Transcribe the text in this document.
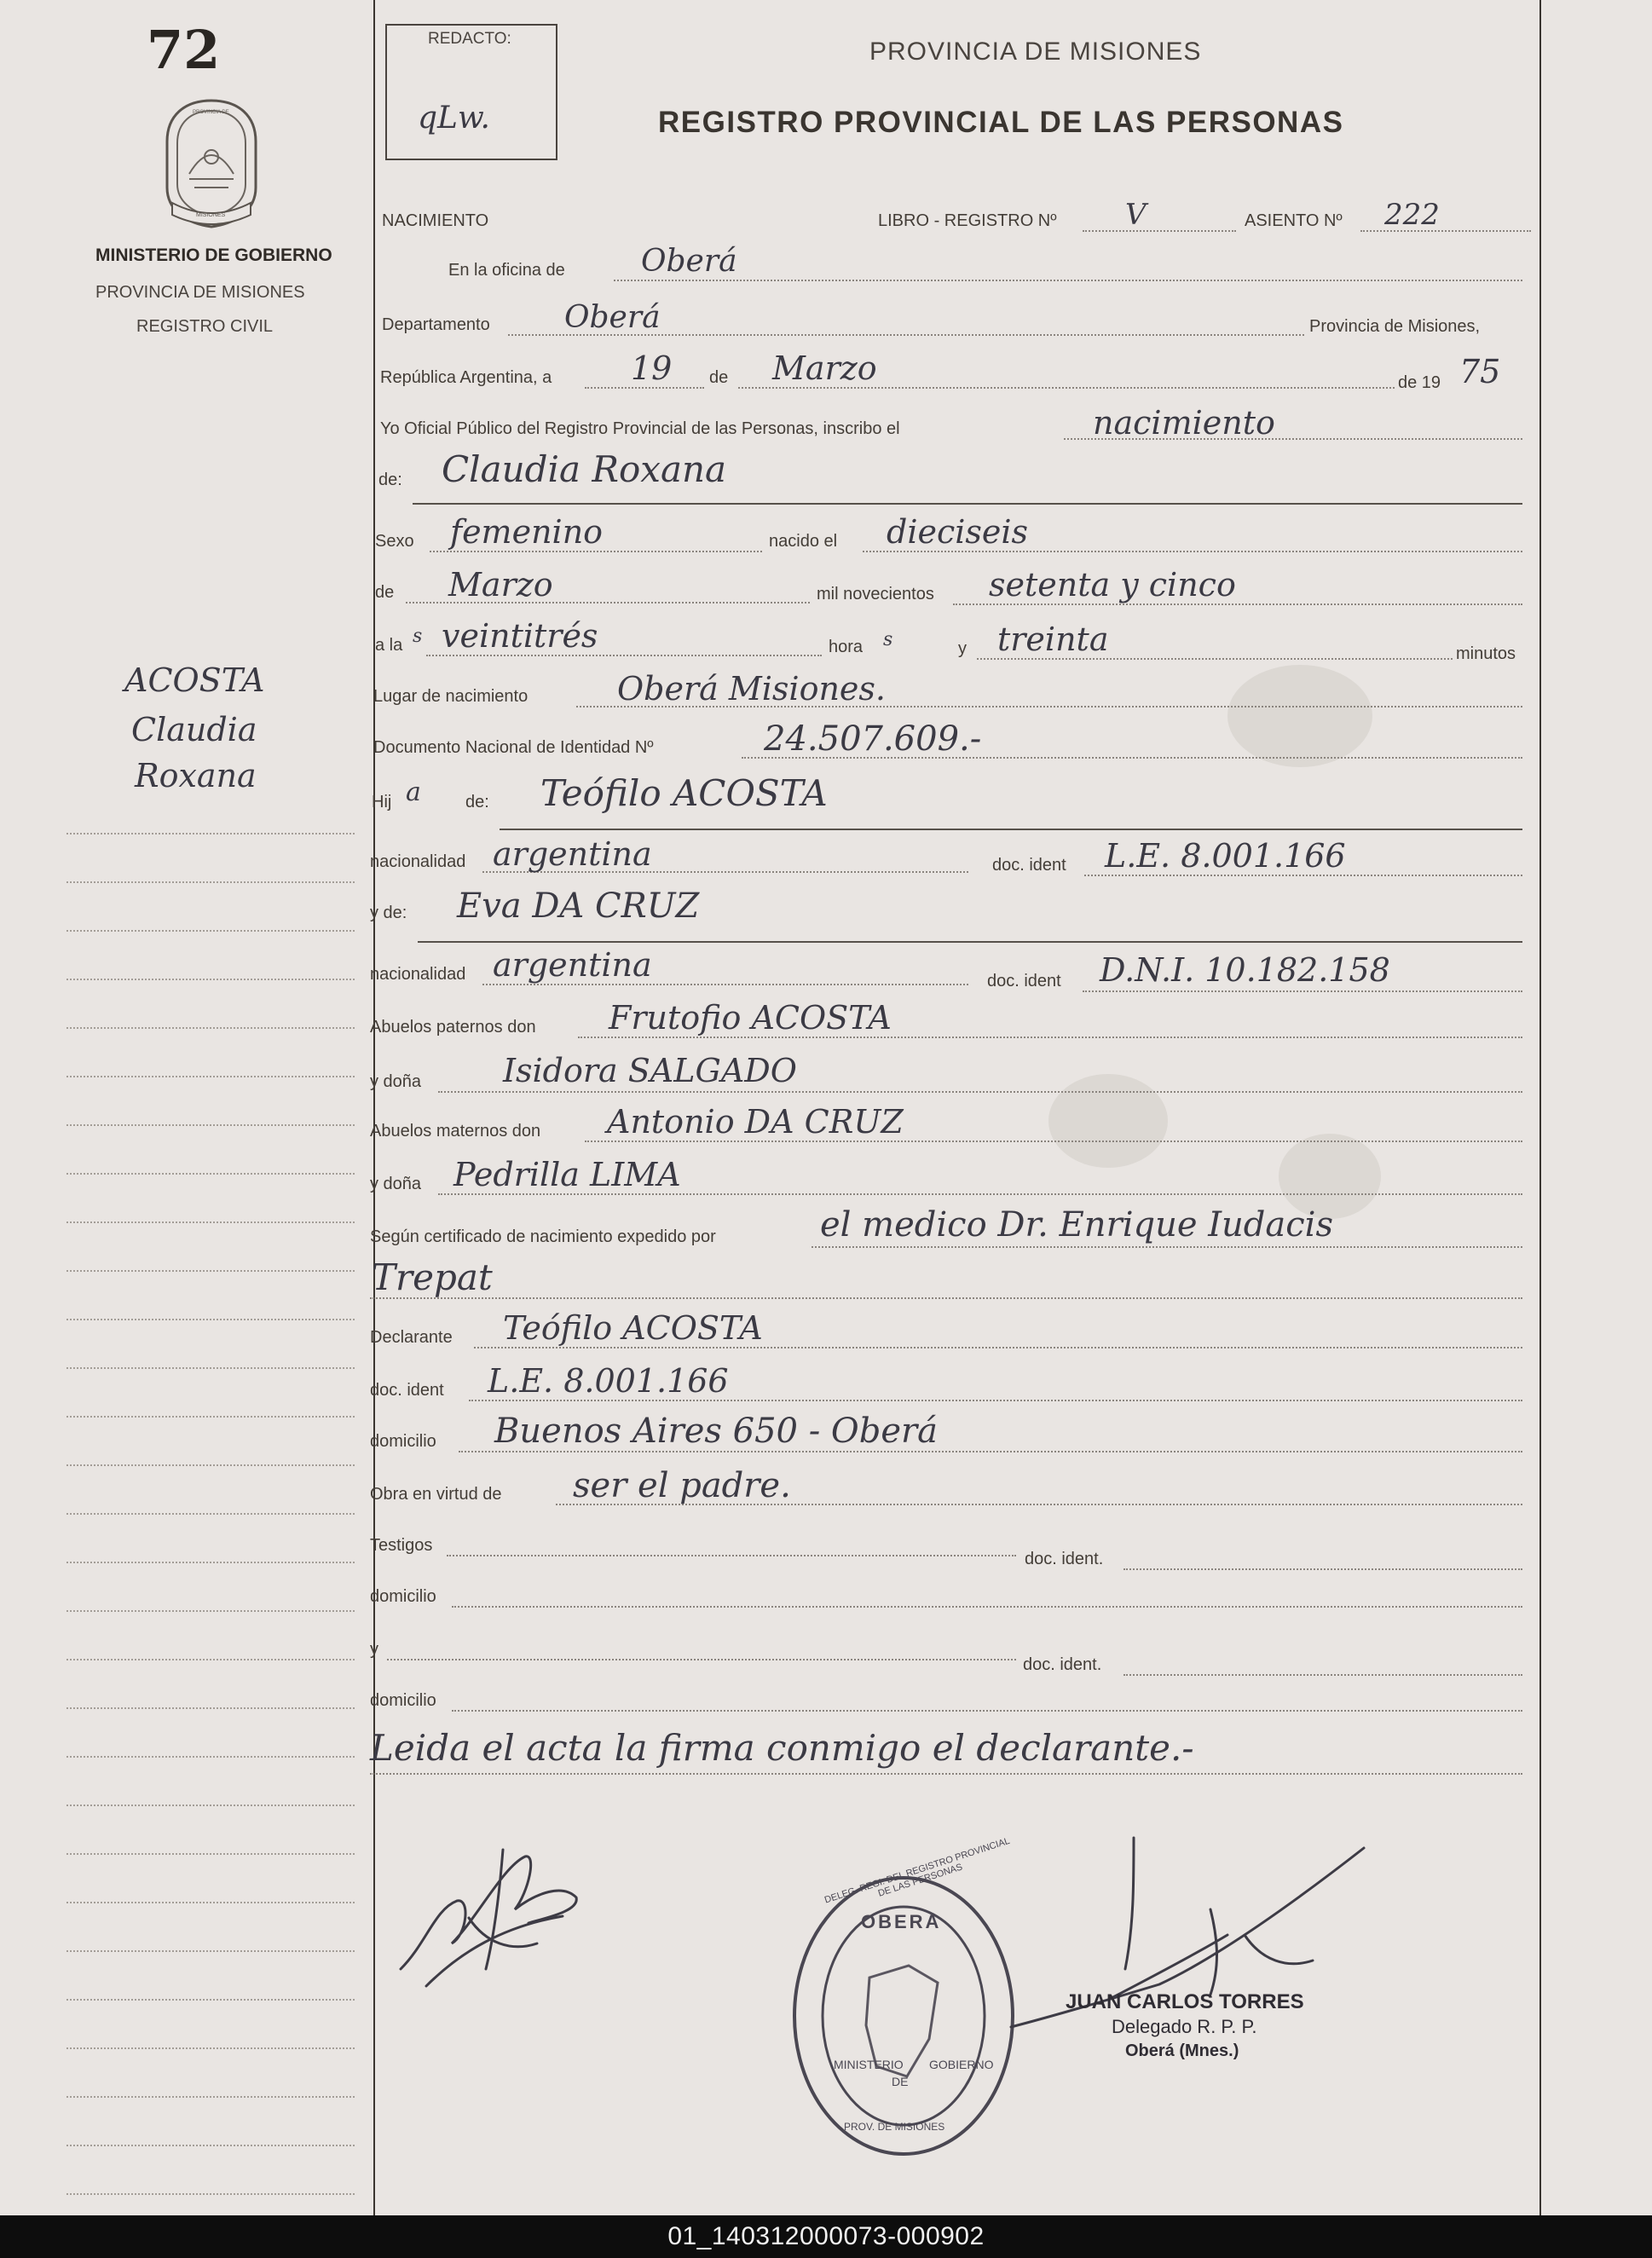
72
PROVINCIA DE
MISIONES
MINISTERIO DE GOBIERNO
PROVINCIA DE MISIONES
REGISTRO CIVIL
ACOSTA
Claudia
Roxana
REDACTO:
qLw.
PROVINCIA DE MISIONES
REGISTRO PROVINCIAL DE LAS PERSONAS
NACIMIENTO	LIBRO - REGISTRO Nº V	ASIENTO Nº 222
En la oficina de Oberá
Departamento Oberá	Provincia de Misiones,
República Argentina, a 19 de Marzo	de 19 75
Yo Oficial Público del Registro Provincial de las Personas, inscribo el	nacimiento
de: Claudia Roxana
Sexo femenino	nacido el dieciseis
de Marzo	mil novecientos setenta y cinco
a la s veintitrés	hora s	y treinta	minutos
Lugar de nacimiento	Oberá Misiones.
Documento Nacional de Identidad Nº	24.507.609.-
Hij a	de: Teófilo ACOSTA
nacionalidad argentina	doc. ident L.E. 8.001.166
y de: Eva DA CRUZ
nacionalidad argentina	doc. ident D.N.I. 10.182.158
Abuelos paternos don Frutofio ACOSTA
y doña	Isidora SALGADO
Abuelos maternos don Antonio DA CRUZ
y doña Pedrilla LIMA
Según certificado de nacimiento expedido por	el medico Dr. Enrique Iudacis
Trepat
Declarante Teófilo ACOSTA
doc. ident L.E. 8.001.166
domicilio Buenos Aires 650 - Oberá
Obra en virtud de ser el padre.
Testigos
doc. ident.
domicilio
y
doc. ident.
domicilio
Leida el acta la firma conmigo el declarante.-
DELEG. REGI. DEL REGISTRO PROVINCIAL DE LAS PERSONAS
OBERA
MINISTERIO
DE
GOBIERNO
PROV. DE MISIONES
JUAN CARLOS TORRES
Delegado R. P. P.
Oberá (Mnes.)
01_140312000073-000902
